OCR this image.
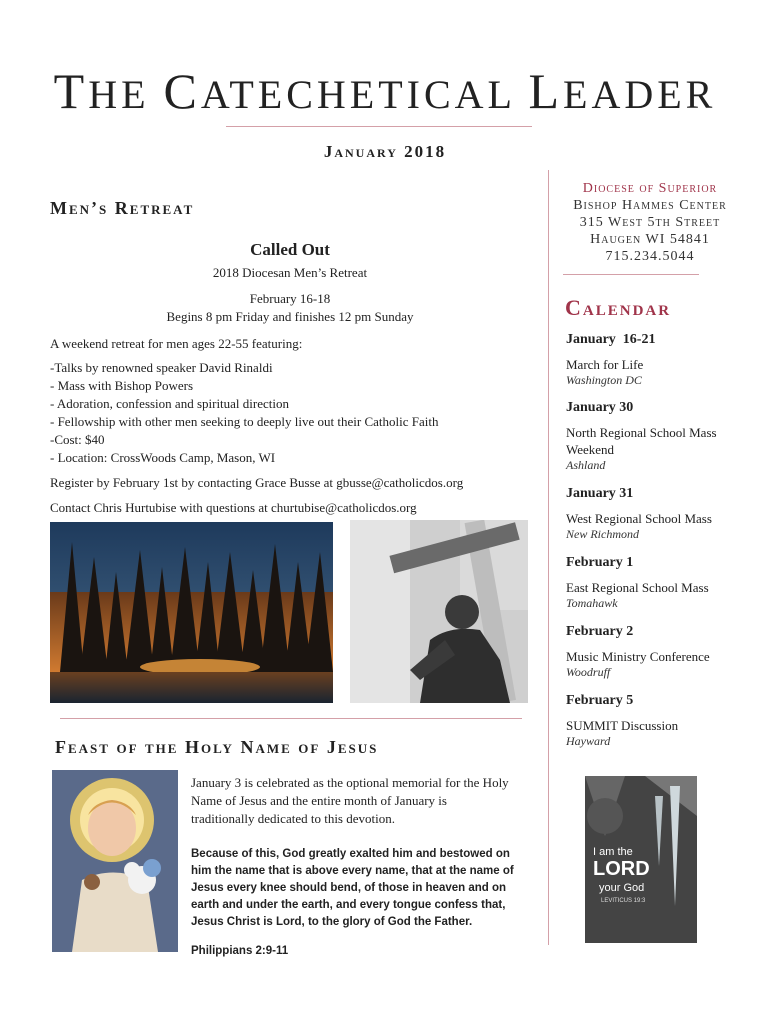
THE CATECHETICAL LEADER
January 2018
Men’s Retreat
Called Out
2018 Diocesan Men’s Retreat
February 16-18
Begins 8 pm Friday and finishes 12 pm Sunday
A weekend retreat for men ages 22-55 featuring:
-Talks by renowned speaker David Rinaldi
- Mass with Bishop Powers
- Adoration, confession and spiritual direction
- Fellowship with other men seeking to deeply live out their Catholic Faith
-Cost: $40
- Location: CrossWoods Camp, Mason, WI
Register by February 1st by contacting Grace Busse at gbusse@catholicdos.org
Contact Chris Hurtubise with questions at churtubise@catholicdos.org
Feast of the Holy Name of Jesus
January 3 is celebrated as the optional memorial for the Holy Name of Jesus and the entire month of January is traditionally dedicated to this devotion.
Because of this, God greatly exalted him and bestowed on him the name that is above every name, that at the name of Jesus every knee should bend, of those in heaven and on earth and under the earth, and every tongue confess that, Jesus Christ is Lord, to the glory of God the Father.
Philippians 2:9-11
Diocese of Superior
Bishop Hammes Center
315 West 5th Street
Haugen WI 54841
715.234.5044
Calendar
January  16-21
March for Life
Washington DC
January 30
North Regional School Mass Weekend
Ashland
January 31
West Regional School Mass
New Richmond
February 1
East Regional School Mass
Tomahawk
February 2
Music Ministry Conference
Woodruff
February 5
SUMMIT Discussion
Hayward
I am the
LORD
your God
LEVITICUS 19:3
